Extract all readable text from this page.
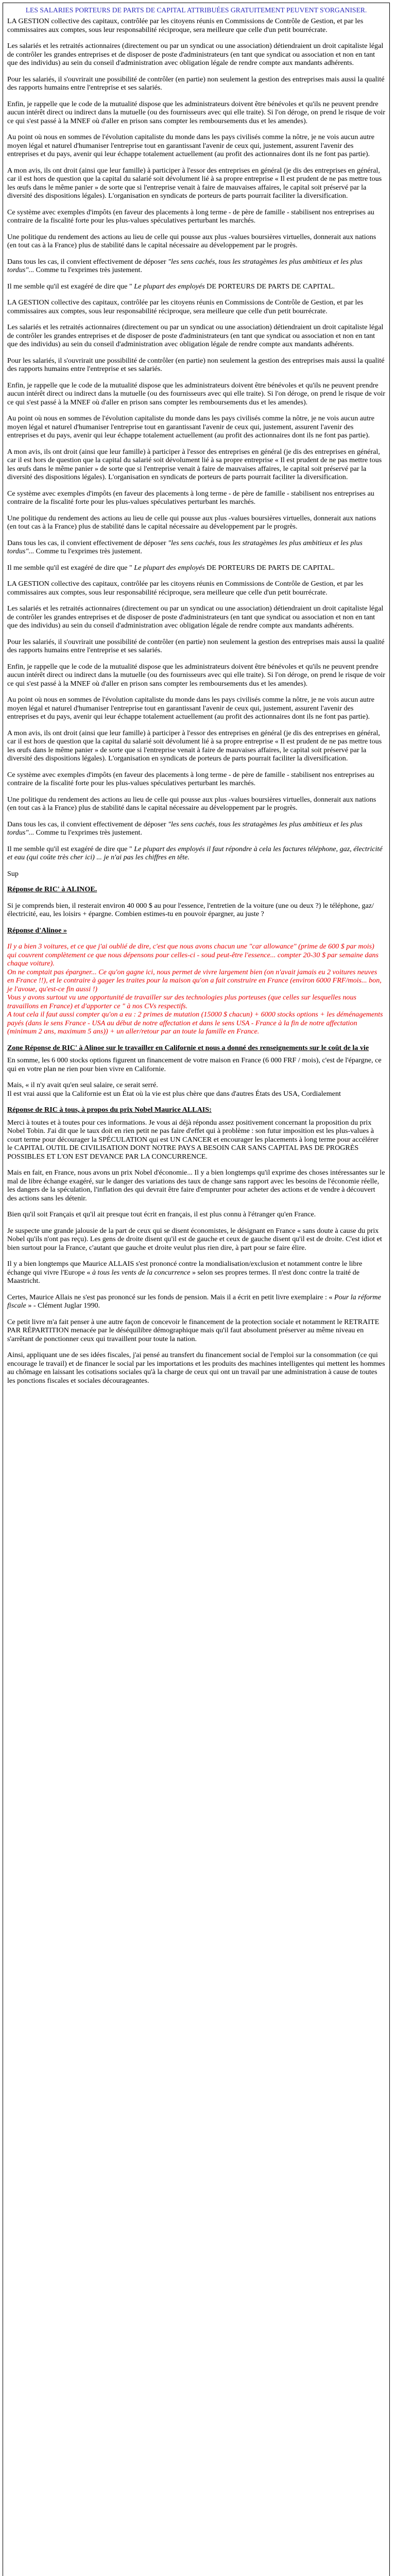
LES SALARIES PORTEURS DE PARTS DE CAPITAL ATTRIBUÉES GRATUITEMENT PEUVENT S'ORGANISER.

LA GESTION collective des capitaux, contrôlée par les citoyens réunis en Commissions de Contrôle de Gestion, et par les commissaires aux comptes, sous leur responsabilité réciproque, sera meilleure que celle d'un petit bourrécrate.

Les salariés et les retraités actionnaires (directement ou par un syndicat ou une association) détiendraient un droit capitaliste légal de contrôler les grandes entreprises et de disposer de poste d'administrateurs (en tant que syndicat ou association et non en tant que des individus) au sein du conseil d'administration avec obligation légale de rendre compte aux mandants adhérents.

Pour les salariés, il s'ouvrirait une possibilité de contrôler (en partie) non seulement la gestion des entreprises mais aussi la qualité des rapports humains entre l'entreprise et ses salariés.

Enfin, je rappelle que le code de la mutualité dispose que les administrateurs doivent être bénévoles et qu'ils ne peuvent prendre aucun intérêt direct ou indirect dans la mutuelle (ou des fournisseurs avec qui elle traite). Si l'on déroge, on prend le risque de voir ce qui s'est passé à la MNEF où d'aller en prison sans compter les remboursements dus et les amendes).

Au point où nous en sommes de l'évolution capitaliste du monde dans les pays civilisés comme la nôtre, je ne vois aucun autre moyen légal et naturel d'humaniser l'entreprise tout en garantissant l'avenir de ceux qui, justement, assurent l'avenir des entreprises et du pays, avenir qui leur échappe totalement actuellement (au profit des actionnaires dont ils ne font pas partie).

A mon avis, ils ont droit (ainsi que leur famille) à participer à l'essor des entreprises en général (je dis des entreprises en général, car il est hors de question que la capital du salarié soit dévolument lié à sa propre entreprise « Il est prudent de ne pas mettre tous les œufs dans le même panier » de sorte que si l'entreprise venait à faire de mauvaises affaires, le capital soit préservé par la diversité des dispositions légales). L'organisation en syndicats de porteurs de parts pourrait faciliter la diversification.

Ce système avec exemples d'impôts (en faveur des placements à long terme - de père de famille - stabilisent nos entreprises au contraire de la fiscalité forte pour les plus-values spéculatives perturbant les marchés.

Une politique du rendement des actions au lieu de celle qui pousse aux plus -values boursières virtuelles, donnerait aux nations (en tout cas à la France) plus de stabilité dans le capital nécessaire au développement par le progrès.

Dans tous les cas, il convient effectivement de déposer "les sens cachés, tous les stratagèmes les plus ambitieux et les plus tordus"... Comme tu l'exprimes très justement.

Il me semble qu'il est exagéré de dire que " Le plupart des employés DE PORTEURS DE PARTS DE CAPITAL.

LA GESTION collective des capitaux, contrôlée par les citoyens réunis en Commissions de Contrôle de Gestion, et par les commissaires aux comptes, sous leur responsabilité réciproque, sera meilleure que celle d'un petit bourrécrate.

Les salariés et les retraités actionnaires (directement ou par un syndicat ou une association) détiendraient un droit capitaliste légal de contrôler les grandes entreprises et de disposer de poste d'administrateurs (en tant que syndicat ou association et non en tant que des individus) au sein du conseil d'administration avec obligation légale de rendre compte aux mandants adhérents.

Pour les salariés, il s'ouvrirait une possibilité de contrôler (en partie) non seulement la gestion des entreprises mais aussi la qualité des rapports humains entre l'entreprise et ses salariés.

Enfin, je rappelle que le code de la mutualité dispose que les administrateurs doivent être bénévoles et qu'ils ne peuvent prendre aucun intérêt direct ou indirect dans la mutuelle (ou des fournisseurs avec qui elle traite). Si l'on déroge, on prend le risque de voir ce qui s'est passé à la MNEF où d'aller en prison sans compter les remboursements dus et les amendes).

Au point où nous en sommes de l'évolution capitaliste du monde dans les pays civilisés comme la nôtre, je ne vois aucun autre moyen légal et naturel d'humaniser l'entreprise tout en garantissant l'avenir de ceux qui, justement, assurent l'avenir des entreprises et du pays, avenir qui leur échappe totalement actuellement (au profit des actionnaires dont ils ne font pas partie).

A mon avis, ils ont droit (ainsi que leur famille) à participer à l'essor des entreprises en général (je dis des entreprises en général, car il est hors de question que la capital du salarié soit dévolument lié à sa propre entreprise « Il est prudent de ne pas mettre tous les œufs dans le même panier » de sorte que si l'entreprise venait à faire de mauvaises affaires, le capital soit préservé par la diversité des dispositions légales). L'organisation en syndicats de porteurs de parts pourrait faciliter la diversification.

Ce système avec exemples d'impôts (en faveur des placements à long terme - de père de famille - stabilisent nos entreprises au contraire de la fiscalité forte pour les plus-values spéculatives perturbant les marchés.

Une politique du rendement des actions au lieu de celle qui pousse aux plus -values boursières virtuelles, donnerait aux nations (en tout cas à la France) plus de stabilité dans le capital nécessaire au développement par le progrès.

Dans tous les cas, il convient effectivement de déposer "les sens cachés, tous les stratagèmes les plus ambitieux et les plus tordus"... Comme tu l'exprimes très justement.

Il me semble qu'il est exagéré de dire que " Le plupart des employés DE PORTEURS DE PARTS DE CAPITAL.

LA GESTION collective des capitaux, contrôlée par les citoyens réunis en Commissions de Contrôle de Gestion, et par les commissaires aux comptes, sous leur responsabilité réciproque, sera meilleure que celle d'un petit bourrécrate.

Les salariés et les retraités actionnaires (directement ou par un syndicat ou une association) détiendraient un droit capitaliste légal de contrôler les grandes entreprises et de disposer de poste d'administrateurs (en tant que syndicat ou association et non en tant que des individus) au sein du conseil d'administration avec obligation légale de rendre compte aux mandants adhérents.

Pour les salariés, il s'ouvrirait une possibilité de contrôler (en partie) non seulement la gestion des entreprises mais aussi la qualité des rapports humains entre l'entreprise et ses salariés.

Enfin, je rappelle que le code de la mutualité dispose que les administrateurs doivent être bénévoles et qu'ils ne peuvent prendre aucun intérêt direct ou indirect dans la mutuelle (ou des fournisseurs avec qui elle traite). Si l'on déroge, on prend le risque de voir ce qui s'est passé à la MNEF où d'aller en prison sans compter les remboursements dus et les amendes).

Au point où nous en sommes de l'évolution capitaliste du monde dans les pays civilisés comme la nôtre, je ne vois aucun autre moyen légal et naturel d'humaniser l'entreprise tout en garantissant l'avenir de ceux qui, justement, assurent l'avenir des entreprises et du pays, avenir qui leur échappe totalement actuellement (au profit des actionnaires dont ils ne font pas partie).

A mon avis, ils ont droit (ainsi que leur famille) à participer à l'essor des entreprises en général (je dis des entreprises en général, car il est hors de question que la capital du salarié soit dévolument lié à sa propre entreprise « Il est prudent de ne pas mettre tous les œufs dans le même panier » de sorte que si l'entreprise venait à faire de mauvaises affaires, le capital soit préservé par la diversité des dispositions légales). L'organisation en syndicats de porteurs de parts pourrait faciliter la diversification.

Ce système avec exemples d'impôts (en faveur des placements à long terme - de père de famille - stabilisent nos entreprises au contraire de la fiscalité forte pour les plus-values spéculatives perturbant les marchés.

Une politique du rendement des actions au lieu de celle qui pousse aux plus -values boursières virtuelles, donnerait aux nations (en tout cas à la France) plus de stabilité dans le capital nécessaire au développement par le progrès.

Dans tous les cas, il convient effectivement de déposer "les sens cachés, tous les stratagèmes les plus ambitieux et les plus tordus"... Comme tu l'exprimes très justement.

Il me semble qu'il est exagéré de dire que " Le plupart des employés il faut répondre à cela les factures téléphone, gaz, électricité et eau (qui coûte très cher ici) ... je n'ai pas les chiffres en tête.

Sup

Réponse de RIC' à ALINOE.

Si je comprends bien, il resterait environ 40 000 $ au pour l'essence, l'entretien de la voiture (une ou deux ?) le téléphone, gaz/électricité, eau, les loisirs + épargne. Combien estimes-tu en pouvoir épargner, au juste ?

Réponse d'Alinoe »

Il y a bien 3 voitures, et ce que j'ai oublié de dire, c'est que nous avons chacun une "car allowance" (prime de 600 $ par mois) qui couvrent complètement ce que nous dépensons pour celles-ci - soud peut-être l'essence... compter 20-30 $ par semaine dans chaque voiture).
On ne comptait pas épargner... Ce qu'on gagne ici, nous permet de vivre largement bien (on n'avait jamais eu 2 voitures neuves en France !!), et le contraire à gager les traites pour la maison qu'on a fait construire en France (environ 6000 FRF/mois... bon, je l'avoue, qu'est-ce fin aussi !)
Vous y avons surtout vu une opportunité de travailler sur des technologies plus porteuses (que celles sur lesquelles nous travaillons en France) et d'apporter ce " à nos CVs respectifs.
A tout cela il faut aussi compter qu'on a eu : 2 primes de mutation (15000 $ chacun) + 6000 stocks options + les déménagements payés (dans le sens France - USA au début de notre affectation et dans le sens USA - France à la fin de notre affectation (minimum 2 ans, maximum 5 ans)) + un aller/retour par an toute la famille en France.
Zone Réponse de RIC' à Alinoe sur le travailler en Californie et nous a donné des renseignements sur le coût de la vie

En somme, les 6 000 stocks options figurent un financement de votre maison en France (6 000 FRF / mois), c'est de l'épargne, ce qui en votre plan ne rien pour bien vivre en Californie.

Mais, « il n'y avait qu'en seul salaire, ce serait serré.

Il est vrai aussi que la Californie est un État où la vie est plus chère que dans d'autres États des USA, Cordialement

Réponse de RIC à tous, à propos du prix Nobel Maurice ALLAIS:

Merci à toutes et à toutes pour ces informations. Je vous ai déjà répondu assez positivement concernant la proposition du prix Nobel Tobin. J'ai dit que le taux doit en rien petit ne pas faire d'effet qui à problème : son futur imposition est les plus-values à court terme pour décourager la SPÉCULATION qui est UN CANCER et encourager les placements à long terme pour accélérer le CAPITAL OUTIL DE CIVILISATION DONT NOTRE PAYS A BESOIN CAR SANS CAPITAL PAS DE PROGRÈS POSSIBLES ET L'ON EST DEVANCE PAR LA CONCURRENCE.

Mais en fait, en France, nous avons un prix Nobel d'économie... Il y a bien longtemps qu'il exprime des choses intéressantes sur le mal de libre échange exagéré, sur le danger des variations des taux de change sans rapport avec les besoins de l'économie réelle, les dangers de la spéculation, l'inflation des qui devrait être faire d'emprunter pour acheter des actions et de vendre à découvert des actions sans les détenir.

Bien qu'il soit Français et qu'il ait presque tout écrit en français, il est plus connu à l'étranger qu'en France.

Je suspecte une grande jalousie de la part de ceux qui se disent économistes, le désignant en France « sans doute à cause du prix Nobel qu'ils n'ont pas reçu). Les gens de droite disent qu'il est de gauche et ceux de gauche disent qu'il est de droite. C'est idiot et bien surtout pour la France, c'autant que gauche et droite veulut plus rien dire, à part pour se faire élire.

Il y a bien longtemps que Maurice ALLAIS s'est prononcé contre la mondialisation/exclusion et notamment contre le libre échange qui vivre l'Europe « à tous les vents de la concurrence » selon ses propres termes. Il n'est donc contre la traité de Maastricht.

Certes, Maurice Allais ne s'est pas prononcé sur les fonds de pension. Mais il a écrit en petit livre exemplaire : « Pour la réforme fiscale » - Clément Juglar 1990.

Ce petit livre m'a fait penser à une autre façon de concevoir le financement de la protection sociale et notamment le RETRAITE PAR RÉPARTITION menacée par le déséquilibre démographique mais qu'il faut absolument préserver au même niveau en s'arrêtant de ponctionner ceux qui travaillent pour toute la nation.

Ainsi, appliquant une de ses idées fiscales, j'ai pensé au transfert du financement social de l'emploi sur la consommation (ce qui encourage le travail) et de financer le social par les importations et les produits des machines intelligentes qui mettent les hommes au chômage en laissant les cotisations sociales qu'à la charge de ceux qui ont un travail par une administration à cause de toutes les ponctions fiscales et sociales décourageantes.
